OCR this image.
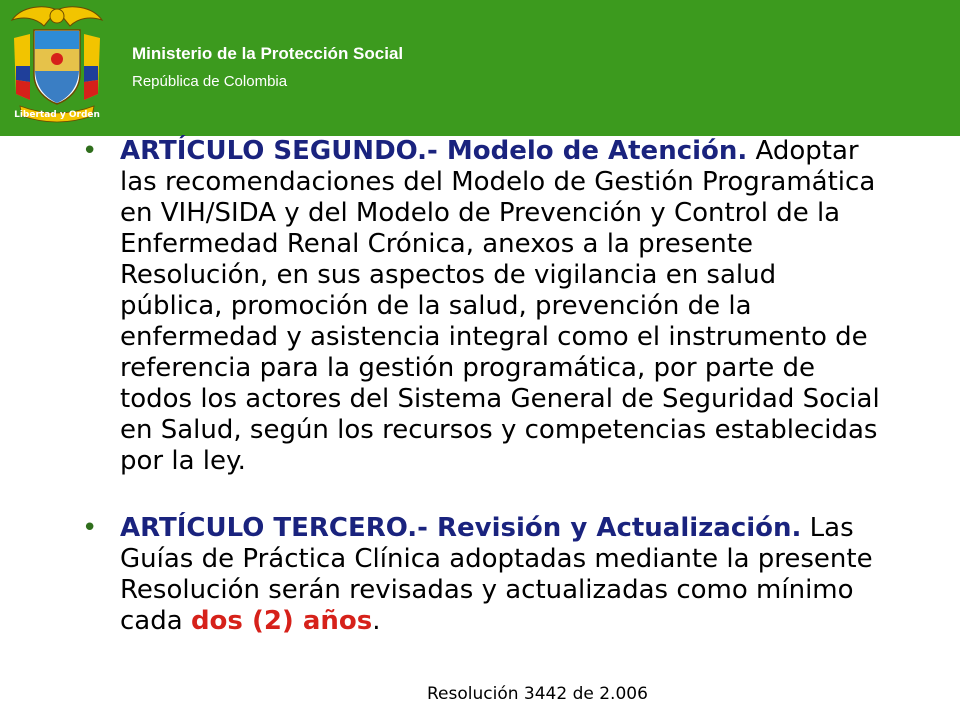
Libertad y Orden
Ministerio de la Protección Social
República de Colombia

• ARTÍCULO SEGUNDO.- Modelo de Atención. Adoptar las recomendaciones del Modelo de Gestión Programática en VIH/SIDA y del Modelo de Prevención y Control de la Enfermedad Renal Crónica, anexos a la presente Resolución, en sus aspectos de vigilancia en salud pública, promoción de la salud, prevención de la enfermedad y asistencia integral como el instrumento de referencia para la gestión programática, por parte de todos los actores del Sistema General de Seguridad Social en Salud, según los recursos y competencias establecidas por la ley.

• ARTÍCULO TERCERO.- Revisión y Actualización. Las Guías de Práctica Clínica adoptadas mediante la presente Resolución serán revisadas y actualizadas como mínimo cada dos (2) años.

Resolución 3442 de 2.006
